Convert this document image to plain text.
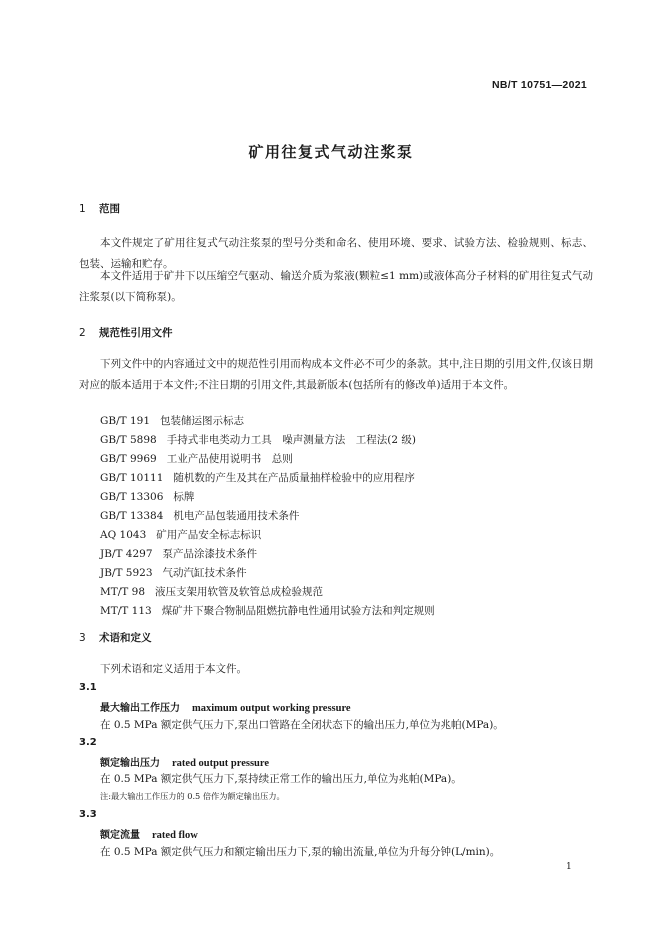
NB/T 10751—2021
矿用往复式气动注浆泵
1 范围
本文件规定了矿用往复式气动注浆泵的型号分类和命名、使用环境、要求、试验方法、检验规则、标志、包装、运输和贮存。
本文件适用于矿井下以压缩空气驱动、输送介质为浆液(颗粒≤1 mm)或液体高分子材料的矿用往复式气动注浆泵(以下简称泵)。
2 规范性引用文件
下列文件中的内容通过文中的规范性引用而构成本文件必不可少的条款。其中,注日期的引用文件,仅该日期对应的版本适用于本文件;不注日期的引用文件,其最新版本(包括所有的修改单)适用于本文件。
GB/T 191 包装储运图示标志
GB/T 5898 手持式非电类动力工具　噪声测量方法　工程法(2 级)
GB/T 9969 工业产品使用说明书　总则
GB/T 10111 随机数的产生及其在产品质量抽样检验中的应用程序
GB/T 13306 标牌
GB/T 13384 机电产品包装通用技术条件
AQ 1043 矿用产品安全标志标识
JB/T 4297 泵产品涂漆技术条件
JB/T 5923 气动汽缸技术条件
MT/T 98 液压支架用软管及软管总成检验规范
MT/T 113 煤矿井下聚合物制品阻燃抗静电性通用试验方法和判定规则
3 术语和定义
下列术语和定义适用于本文件。
3.1
最大输出工作压力 maximum output working pressure
在 0.5 MPa 额定供气压力下,泵出口管路在全闭状态下的输出压力,单位为兆帕(MPa)。
3.2
额定输出压力 rated output pressure
在 0.5 MPa 额定供气压力下,泵持续正常工作的输出压力,单位为兆帕(MPa)。
注:最大输出工作压力的 0.5 倍作为额定输出压力。
3.3
额定流量 rated flow
在 0.5 MPa 额定供气压力和额定输出压力下,泵的输出流量,单位为升每分钟(L/min)。
1
